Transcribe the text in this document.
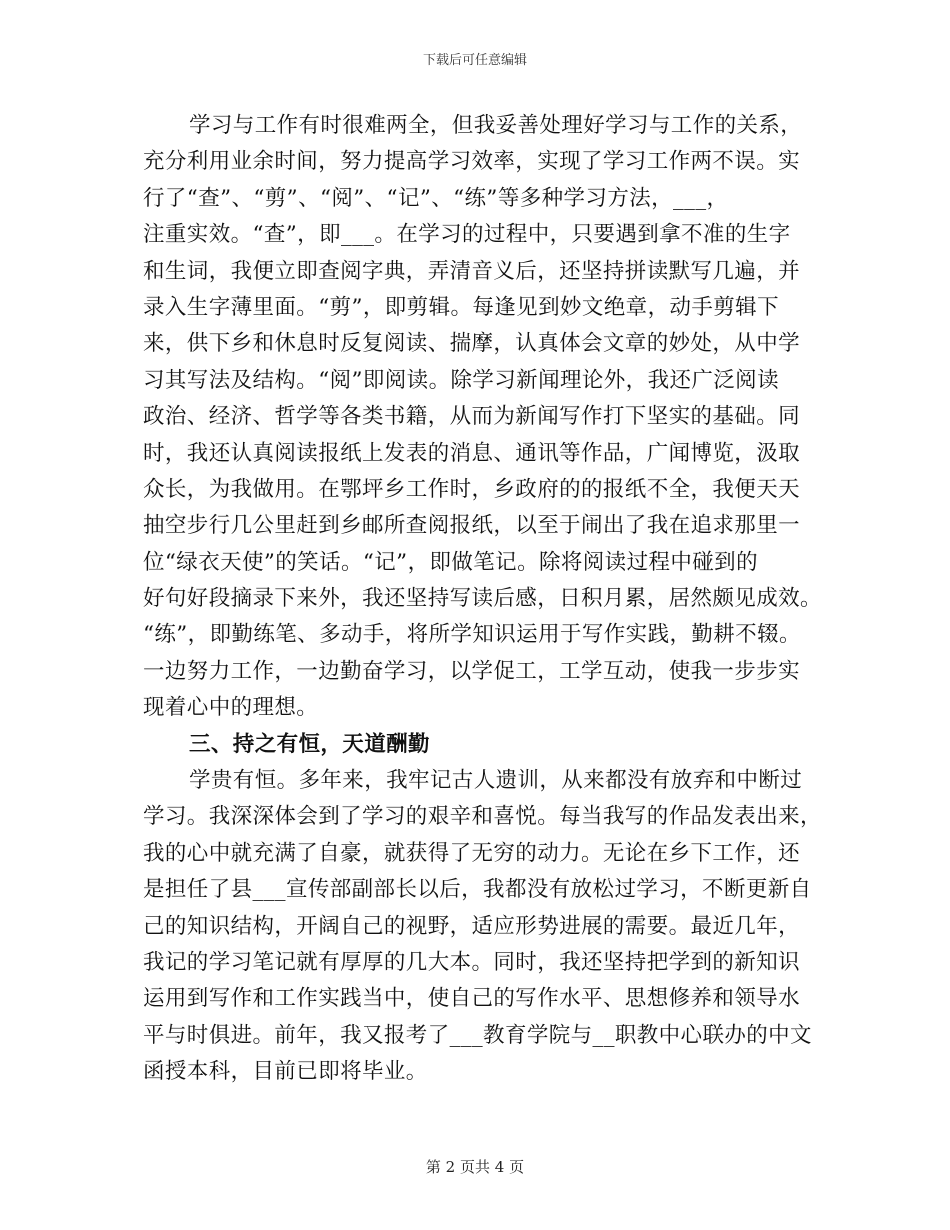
下载后可任意编辑
学习与工作有时很难两全，但我妥善处理好学习与工作的关系，
充分利用业余时间，努力提高学习效率，实现了学习工作两不误。实
行了“查”、“剪”、“阅”、“记”、“练”等多种学习方法，___，
注重实效。“查”，即___。在学习的过程中，只要遇到拿不准的生字
和生词，我便立即查阅字典，弄清音义后，还坚持拼读默写几遍，并
录入生字薄里面。“剪”，即剪辑。每逢见到妙文绝章，动手剪辑下
来，供下乡和休息时反复阅读、揣摩，认真体会文章的妙处，从中学
习其写法及结构。“阅”即阅读。除学习新闻理论外，我还广泛阅读
政治、经济、哲学等各类书籍，从而为新闻写作打下坚实的基础。同
时，我还认真阅读报纸上发表的消息、通讯等作品，广闻博览，汲取
众长，为我做用。在鄂坪乡工作时，乡政府的的报纸不全，我便天天
抽空步行几公里赶到乡邮所查阅报纸，以至于闹出了我在追求那里一
位“绿衣天使”的笑话。“记”，即做笔记。除将阅读过程中碰到的
好句好段摘录下来外，我还坚持写读后感，日积月累，居然颇见成效。
“练”，即勤练笔、多动手，将所学知识运用于写作实践，勤耕不辍。
一边努力工作，一边勤奋学习，以学促工，工学互动，使我一步步实
现着心中的理想。
三、持之有恒，天道酬勤
学贵有恒。多年来，我牢记古人遗训，从来都没有放弃和中断过
学习。我深深体会到了学习的艰辛和喜悦。每当我写的作品发表出来，
我的心中就充满了自豪，就获得了无穷的动力。无论在乡下工作，还
是担任了县___宣传部副部长以后，我都没有放松过学习，不断更新自
己的知识结构，开阔自己的视野，适应形势进展的需要。最近几年，
我记的学习笔记就有厚厚的几大本。同时，我还坚持把学到的新知识
运用到写作和工作实践当中，使自己的写作水平、思想修养和领导水
平与时俱进。前年，我又报考了___教育学院与__职教中心联办的中文
函授本科，目前已即将毕业。
第 2 页共 4 页
